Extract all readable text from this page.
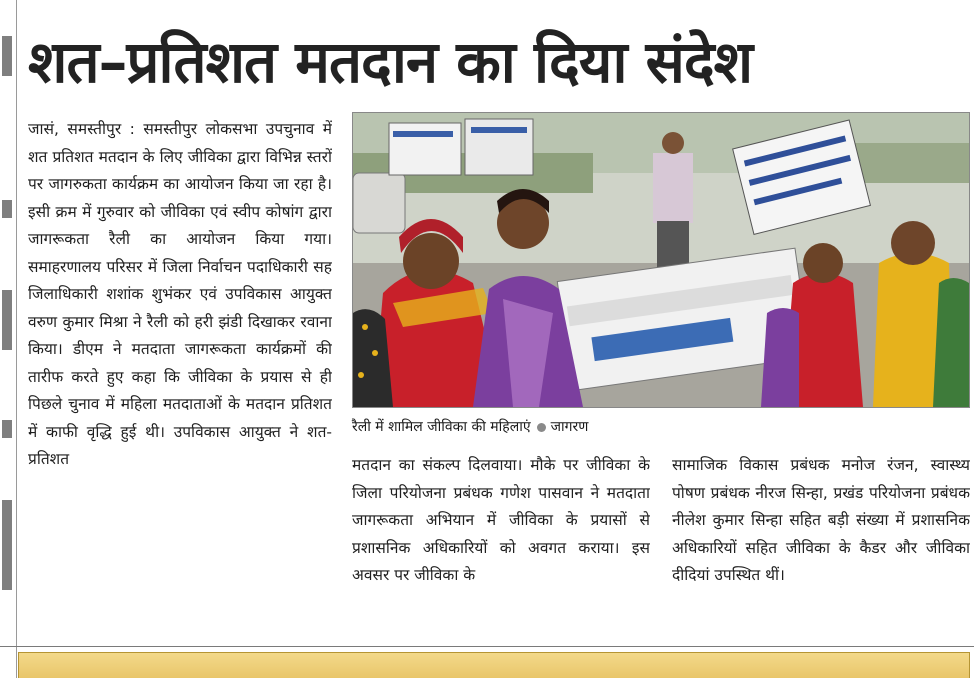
शत–प्रतिशत मतदान का दिया संदेश

जासं, समस्तीपुर : समस्तीपुर लोकसभा उपचुनाव में शत प्रतिशत मतदान के लिए जीविका द्वारा विभिन्न स्तरों पर जागरुकता कार्यक्रम का आयोजन किया जा रहा है। इसी क्रम में गुरुवार को जीविका एवं स्वीप कोषांग द्वारा जागरूकता रैली का आयोजन किया गया। समाहरणालय परिसर में जिला निर्वाचन पदाधिकारी सह जिलाधिकारी शशांक शुभंकर एवं उपविकास आयुक्त वरुण कुमार मिश्रा ने रैली को हरी झंडी दिखाकर रवाना किया। डीएम ने मतदाता जागरूकता कार्यक्रमों की तारीफ करते हुए कहा कि जीविका के प्रयास से ही पिछले चुनाव में महिला मतदाताओं के मतदान प्रतिशत में काफी वृद्धि हुई थी। उपविकास आयुक्त ने शत-प्रतिशत

रैली में शामिल जीविका की महिलाएं जागरण

मतदान का संकल्प दिलवाया। मौके पर जीविका के जिला परियोजना प्रबंधक गणेश पासवान ने मतदाता जागरूकता अभियान में जीविका के प्रयासों से प्रशासनिक अधिकारियों को अवगत कराया। इस अवसर पर जीविका के

सामाजिक विकास प्रबंधक मनोज रंजन, स्वास्थ्य पोषण प्रबंधक नीरज सिन्हा, प्रखंड परियोजना प्रबंधक नीलेश कुमार सिन्हा सहित बड़ी संख्या में प्रशासनिक अधिकारियों सहित जीविका के कैडर और जीविका दीदियां उपस्थित थीं।
